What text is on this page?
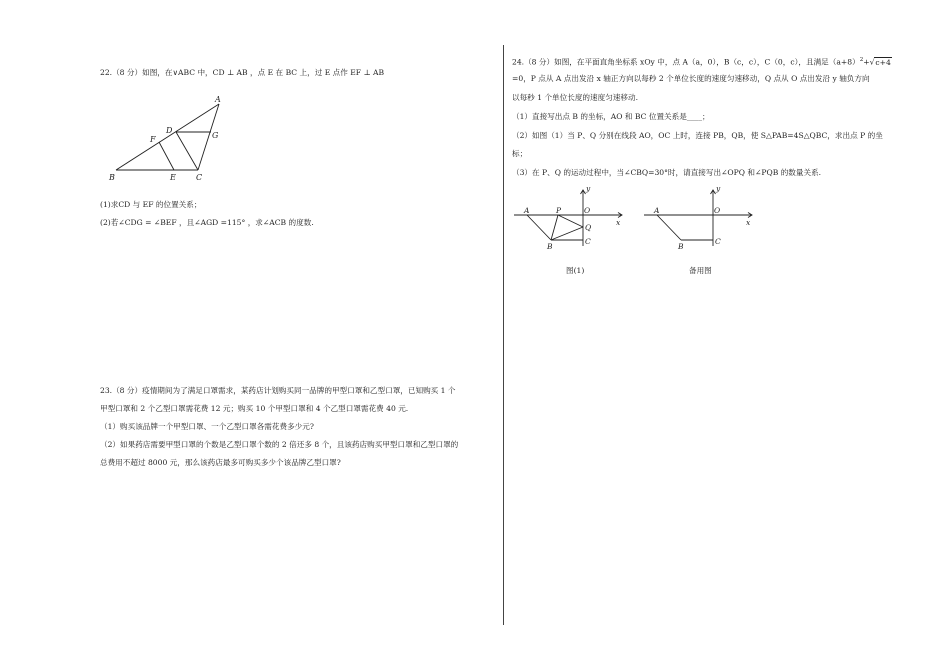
22.（8 分）如图，在∨ABC 中，CD ⊥ AB ，点 E 在 BC 上，过 E 点作 EF ⊥ AB
A
B	C
D
E
F	G
(1)求CD 与 EF 的位置关系；
(2)若∠CDG = ∠BEF ，且∠AGD =115° ，求∠ACB 的度数.
23.（8 分）疫情期间为了满足口罩需求，某药店计划购买同一品牌的甲型口罩和乙型口罩，已知购买 1 个
甲型口罩和 2 个乙型口罩需花费 12 元；购买 10 个甲型口罩和 4 个乙型口罩需花费 40 元.
（1）购买该品牌一个甲型口罩、一个乙型口罩各需花费多少元?
（2）如果药店需要甲型口罩的个数是乙型口罩个数的 2 倍还多 8 个，且该药店购买甲型口罩和乙型口罩的
总费用不超过 8000 元，那么该药店最多可购买多少个该品牌乙型口罩?
24.（8 分）如图，在平面直角坐标系 xOy 中，点 A（a，0），B（c，c），C（0，c），且满足$(a+8)^2+√c+4$
=0，P 点从 A 点出发沿 x 轴正方向以每秒 2 个单位长度的速度匀速移动，Q 点从 O 点出发沿 y 轴负方向
以每秒 1 个单位长度的速度匀速移动.
（1）直接写出点 B 的坐标，AO 和 BC 位置关系是____；
（2）如图（1）当 P、Q 分别在线段 AO，OC 上时，连接 PB，QB，使 S△PAB=4S△QBC，求出点 P 的坐
标；
（3）在 P、Q 的运动过程中，当∠CBQ=30°时，请直接写出∠OPQ 和∠PQB 的数量关系.
A	P	O
Q
B
C
y
x
图(1)
A	O
B
C
y
x
备用图
